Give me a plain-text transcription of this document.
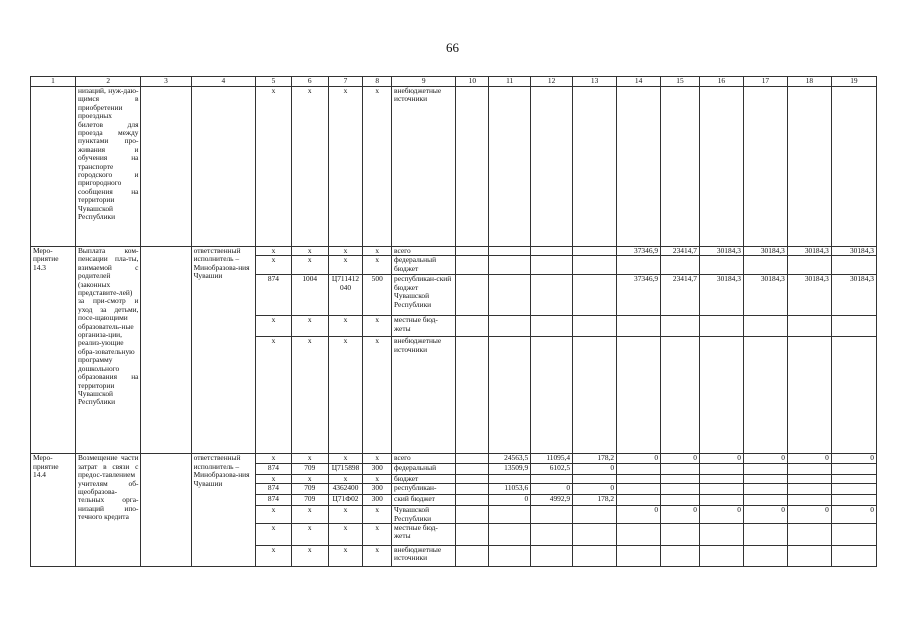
66
1	2	3	4	5	6	7	8	9	10	11	12	13	14	15	16	17	18	19
	низаций, нуж-дающимся в приобретении проездных билетов для проезда между пунктами про-живания и обучения на транспорте городского и пригородного сообщения на территории Чувашской Республики			x	x	x	x	внебюджетные источники										
Меро-приятие 14.3	Выплата ком-пенсации пла-ты, взимаемой с родителей (законных представите-лей) за при-смотр и уход за детьми, посе-щающими образователь-ные организа-ции, реализ-ующие обра-зовательную программу дошкольного образования на территории Чувашской Республики		ответственный исполнитель – Минобразова-ния Чувашии	x	x	x	x	всего					37346,9	23414,7	30184,3	30184,3	30184,3	30184,3
				x	x	x	x	федеральный бюджет										
				874	1004	Ц711412 040	500	республикан-ский бюджет Чувашской Республики					37346,9	23414,7	30184,3	30184,3	30184,3	30184,3
				x	x	x	x	местные бюд-жеты										
				x	x	x	x	внебюджетные источники										
Меро-приятие 14.4	Возмещение части затрат в связи с предос-тавлением учителям об-щеобразова-тельных орга-низаций ипо-течного кредита		ответственный исполнитель – Минобразова-ния Чувашии	x	x	x	x	всего		24563,5	11095,4	178,2	0	0	0	0	0	0
				874	709	Ц715898	300	федеральный		13509,9	6102,5	0						
				x	x	x	x	бюджет										
				874	709	4362400	300	республикан-		11053,6	0	0						
				874	709	Ц71Ф02	300	ский бюджет		0	4992,9	178,2						
				x	x	x	x	Чувашской Республики					0	0	0	0	0	0
				x	x	x	x	местные бюд-жеты										
				x	x	x	x	внебюджетные источники										
